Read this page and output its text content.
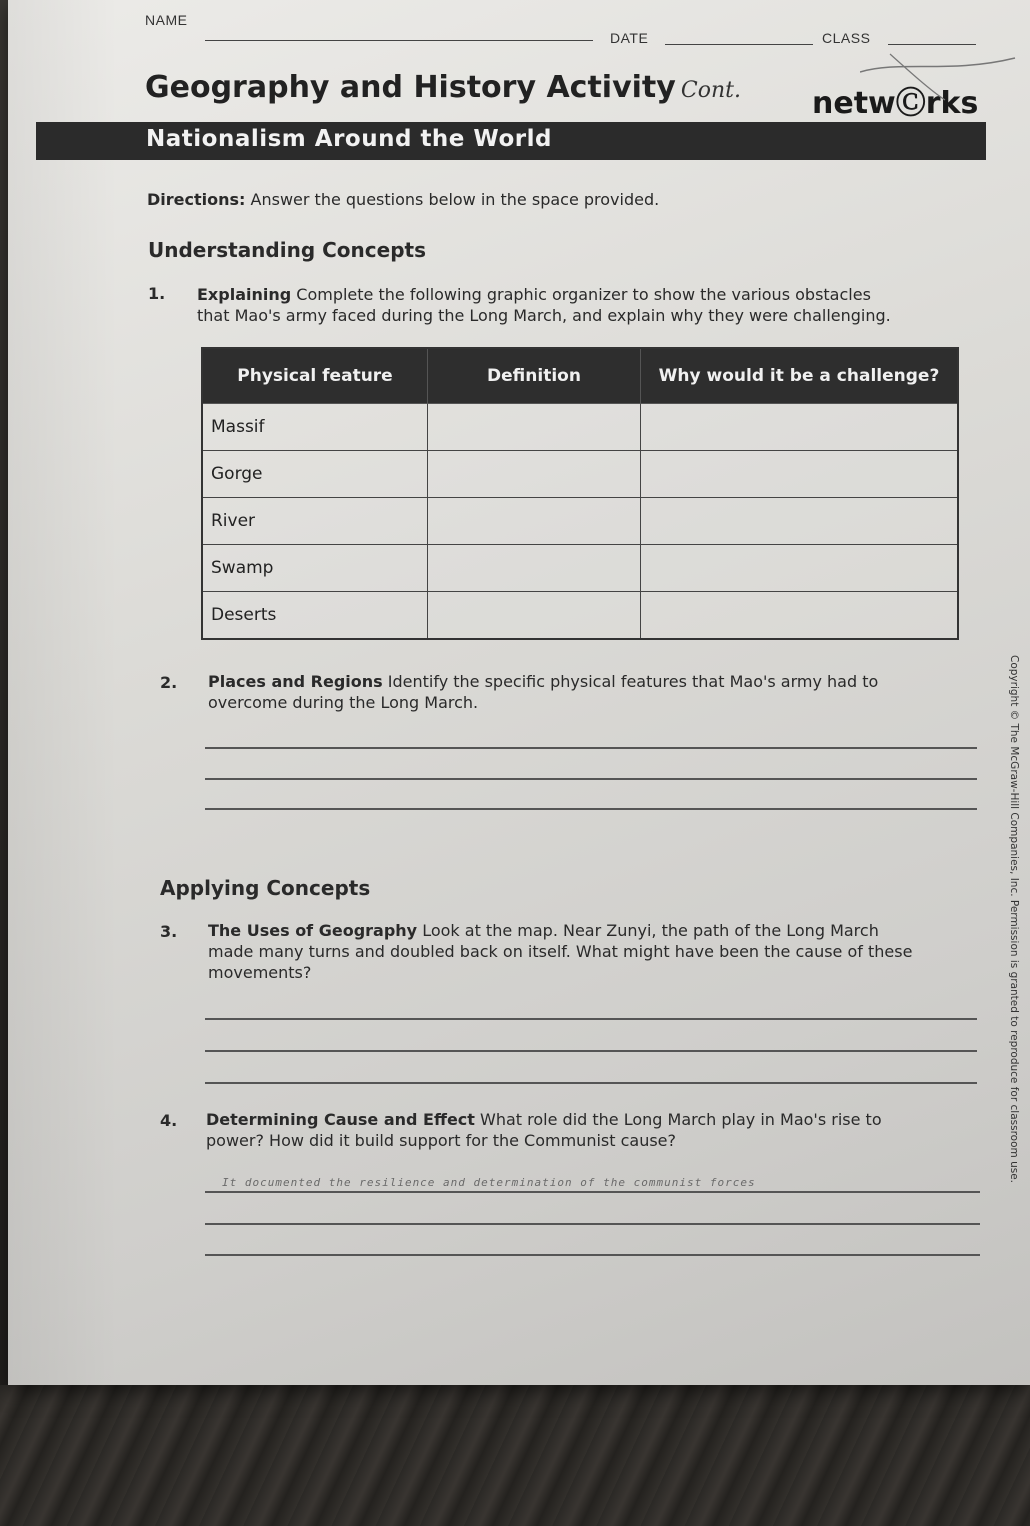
NAME
DATE	CLASS
Geography and History Activity Cont. netwⒸrks
Nationalism Around the World
Directions: Answer the questions below in the space provided.
Understanding Concepts
1. Explaining Complete the following graphic organizer to show the various obstacles
that Mao's army faced during the Long March, and explain why they were challenging.
Physical feature	Definition	Why would it be a challenge?
Massif		
Gorge		
River		
Swamp		
Deserts		
2. Places and Regions Identify the specific physical features that Mao's army had to
overcome during the Long March.
Applying Concepts
3. The Uses of Geography Look at the map. Near Zunyi, the path of the Long March
made many turns and doubled back on itself. What might have been the cause of these
movements?
4. Determining Cause and Effect What role did the Long March play in Mao's rise to
power? How did it build support for the Communist cause?
It documented the resilience and determination of the communist forces	Copyright © The McGraw-Hill Companies, Inc. Permission is granted to reproduce for classroom use.
